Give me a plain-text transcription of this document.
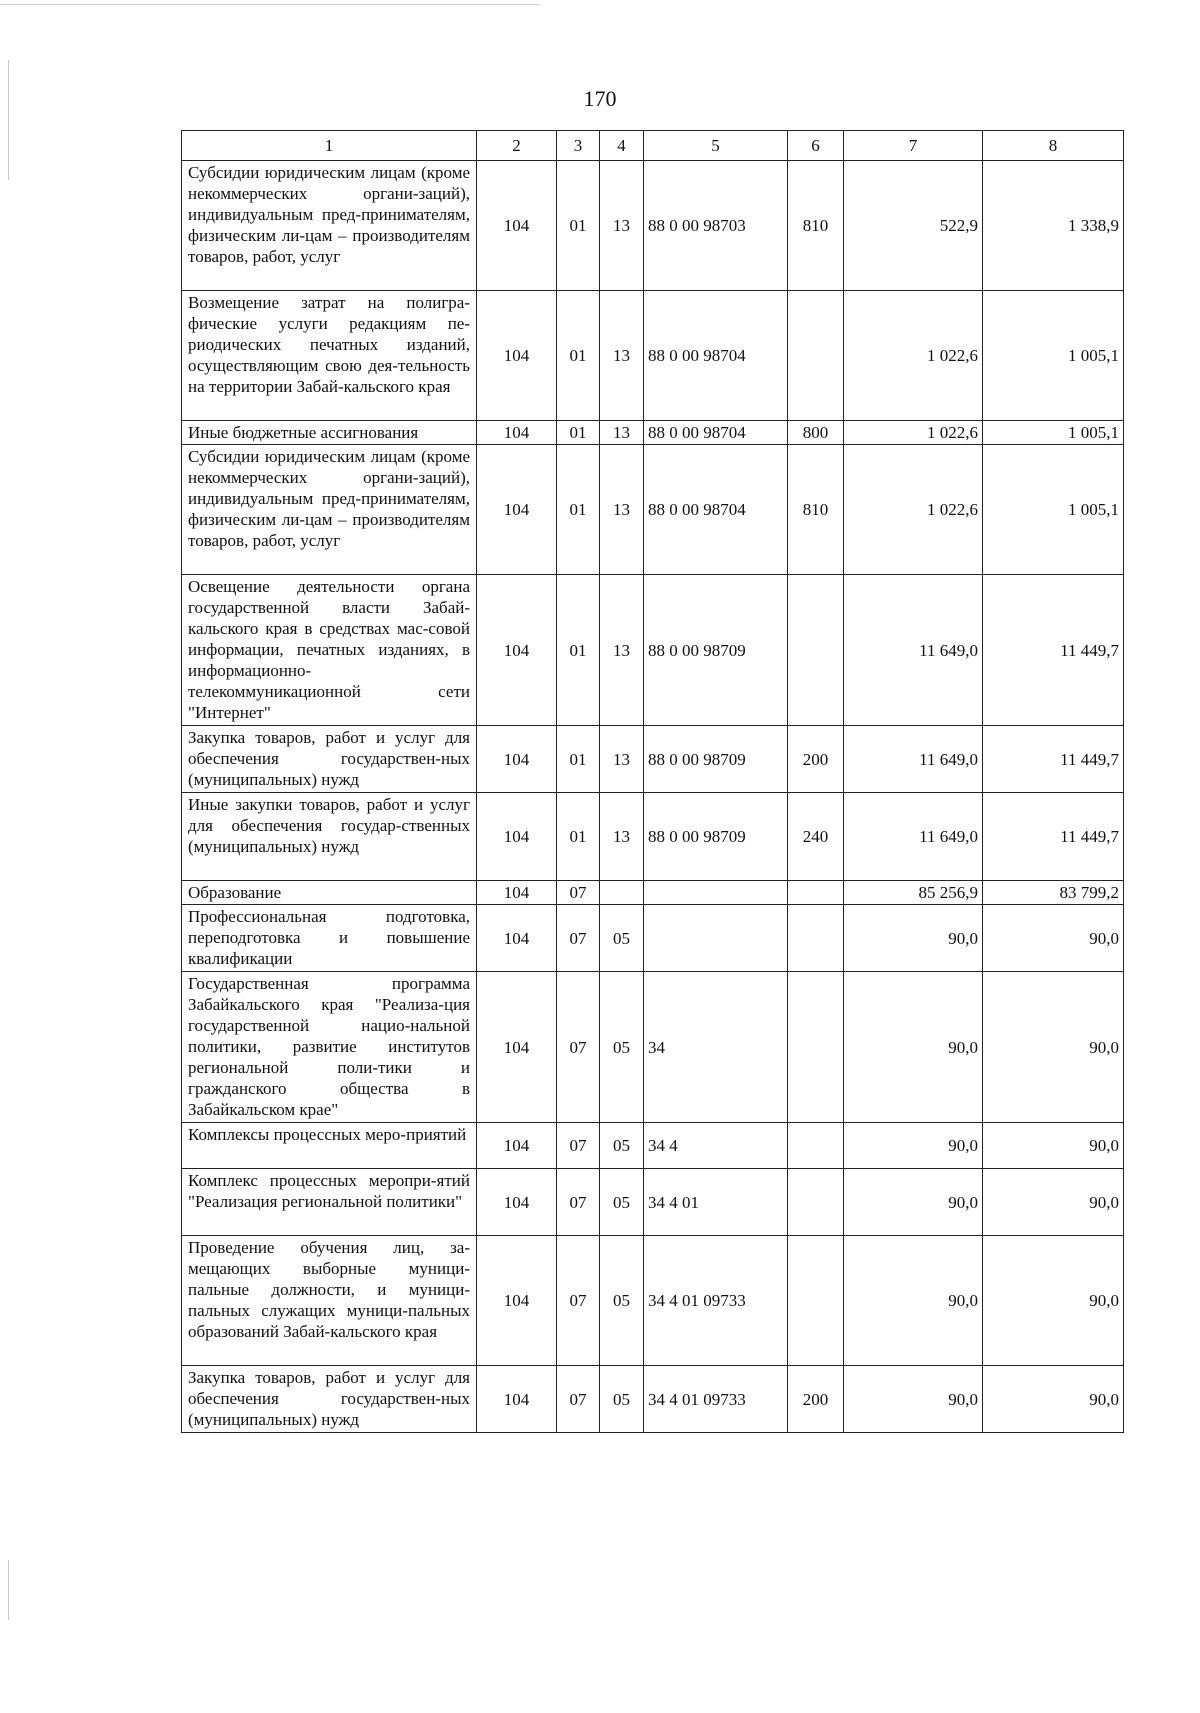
170
1	2	3	4	5	6	7	8
Субсидии юридическим лицам (кроме некоммерческих органи-заций), индивидуальным пред-принимателям, физическим ли-цам – производителям товаров, работ, услуг	104	01	13	88 0 00 98703	810	522,9	1 338,9
Возмещение затрат на полигра-фические услуги редакциям пе-риодических печатных изданий, осуществляющим свою дея-тельность на территории Забай-кальского края	104	01	13	88 0 00 98704		1 022,6	1 005,1
Иные бюджетные ассигнования	104	01	13	88 0 00 98704	800	1 022,6	1 005,1
Субсидии юридическим лицам (кроме некоммерческих органи-заций), индивидуальным пред-принимателям, физическим ли-цам – производителям товаров, работ, услуг	104	01	13	88 0 00 98704	810	1 022,6	1 005,1
Освещение деятельности органа государственной власти Забай-кальского края в средствах мас-совой информации, печатных изданиях, в информационно-телекоммуникационной сети "Интернет"	104	01	13	88 0 00 98709		11 649,0	11 449,7
Закупка товаров, работ и услуг для обеспечения государствен-ных (муниципальных) нужд	104	01	13	88 0 00 98709	200	11 649,0	11 449,7
Иные закупки товаров, работ и услуг для обеспечения государ-ственных (муниципальных) нужд	104	01	13	88 0 00 98709	240	11 649,0	11 449,7
Образование	104	07				85 256,9	83 799,2
Профессиональная подготовка, переподготовка и повышение квалификации	104	07	05			90,0	90,0
Государственная программа Забайкальского края "Реализа-ция государственной нацио-нальной политики, развитие институтов региональной поли-тики и гражданского общества в Забайкальском крае"	104	07	05	34		90,0	90,0
Комплексы процессных меро-приятий	104	07	05	34 4		90,0	90,0
Комплекс процессных меропри-ятий "Реализация региональной политики"	104	07	05	34 4 01		90,0	90,0
Проведение обучения лиц, за-мещающих выборные муници-пальные должности, и муници-пальных служащих муници-пальных образований Забай-кальского края	104	07	05	34 4 01 09733		90,0	90,0
Закупка товаров, работ и услуг для обеспечения государствен-ных (муниципальных) нужд	104	07	05	34 4 01 09733	200	90,0	90,0
